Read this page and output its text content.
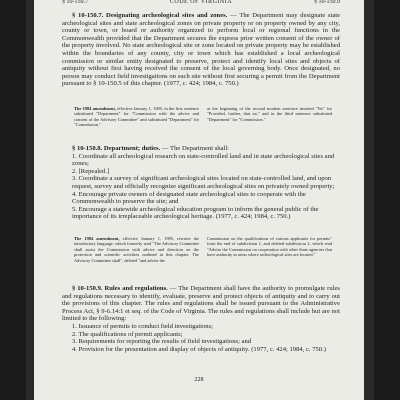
§ 10-150.7	CODE OF VIRGINIA	§ 10-150.9

§ 10-150.7. Designating archeological sites and zones. — The Department may designate state archeological sites and state archeological zones on private property or on property owned by any city, county or town, or board or authority organized to perform local or regional functions in the Commonwealth provided that the Department secures the express prior written consent of the owner of the property involved. No state archeological site or zone located on private property may be established within the boundaries of any county, city or town which has established a local archeological commission or similar entity designated to preserve, protect and identify local sites and objects of antiquity without first having received the consent of the local governing body. Once designated, no person may conduct field investigations on such site without first securing a permit from the Department pursuant to § 10-150.5 of this chapter. (1977, c. 424; 1984, c. 750.)

The 1984 amendment, effective January 1, 1985, in the first sentence substituted "Department" for "Commission with the advice and consent of the Advisory Committee" and substituted "Department" for "Commission,"

at the beginning of the second modern sentence inserted "No" for "Provided, further, that no," and in the third sentence substituted "Department" for "Commission."

§ 10-150.8. Department; duties. — The Department shall:

1. Coordinate all archeological research on state-controlled land and in state archeological sites and zones;
2. [Repealed.]
3. Coordinate a survey of significant archeological sites located on state-controlled land, and upon request, survey and officially recognize significant archeological sites on privately owned property;
4. Encourage private owners of designated state archeological sites to cooperate with the Commonwealth to preserve the site; and
5. Encourage a statewide archeological education program to inform the general public of the importance of its irreplaceable archeological heritage. (1977, c. 424; 1984, c. 750.)

The 1984 amendment, effective January 1, 1985, rewrote the introductory language, which formerly read "The Advisory Committee shall assist the Commission with advice and direction on the protection and scientific activities outlined in this chapter. The Advisory Committee shall", deleted "and advise the

Commission on the qualifications of various applicants for permits" from the end of subdivision 1, and deleted subdivision 2, which read "Advise the Commission on cooperation with other State agencies that have authority in areas where archeological sites are located."

§ 10-150.9. Rules and regulations. — The Department shall have the authority to promulgate rules and regulations necessary to identify, evaluate, preserve and protect objects of antiquity and to carry out the provisions of this chapter. The rules and regulations shall be issued pursuant to the Administrative Process Act, § 9-6.14:1 et seq. of the Code of Virginia. The rules and regulations shall include but are not limited to the following:

1. Issuance of permits to conduct field investigations;
2. The qualifications of permit applicants;
3. Requirements for reporting the results of field investigations; and
4. Provision for the presentation and display of objects of antiquity. (1977, c. 424; 1984, c. 750.)
228
